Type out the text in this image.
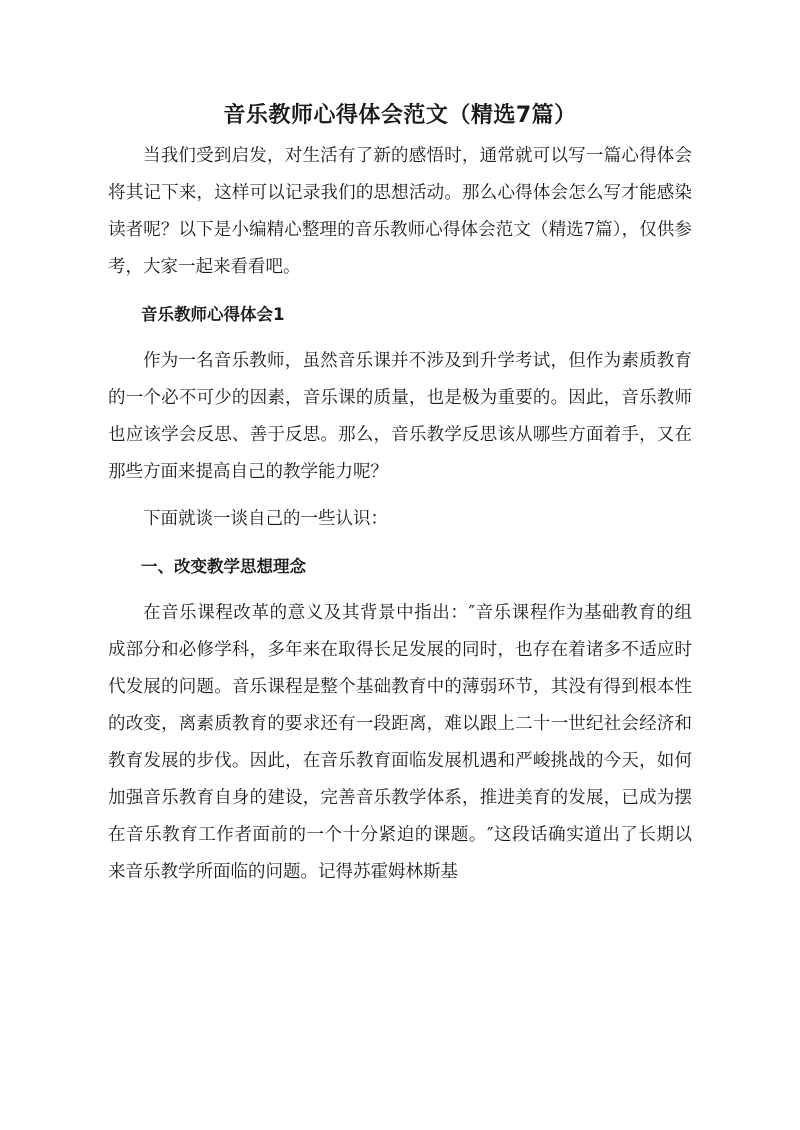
音乐教师心得体会范文（精选7篇）

当我们受到启发，对生活有了新的感悟时，通常就可以写一篇心得体会将其记下来，这样可以记录我们的思想活动。那么心得体会怎么写才能感染读者呢？以下是小编精心整理的音乐教师心得体会范文（精选7篇），仅供参考，大家一起来看看吧。

音乐教师心得体会1

作为一名音乐教师，虽然音乐课并不涉及到升学考试，但作为素质教育的一个必不可少的因素，音乐课的质量，也是极为重要的。因此，音乐教师也应该学会反思、善于反思。那么，音乐教学反思该从哪些方面着手，又在那些方面来提高自己的教学能力呢？

下面就谈一谈自己的一些认识：

一、改变教学思想理念

在音乐课程改革的意义及其背景中指出：″音乐课程作为基础教育的组成部分和必修学科，多年来在取得长足发展的同时，也存在着诸多不适应时代发展的问题。音乐课程是整个基础教育中的薄弱环节，其没有得到根本性的改变，离素质教育的要求还有一段距离，难以跟上二十一世纪社会经济和教育发展的步伐。因此，在音乐教育面临发展机遇和严峻挑战的今天，如何加强音乐教育自身的建设，完善音乐教学体系，推进美育的发展，已成为摆在音乐教育工作者面前的一个十分紧迫的课题。″这段话确实道出了长期以来音乐教学所面临的问题。记得苏霍姆林斯基
